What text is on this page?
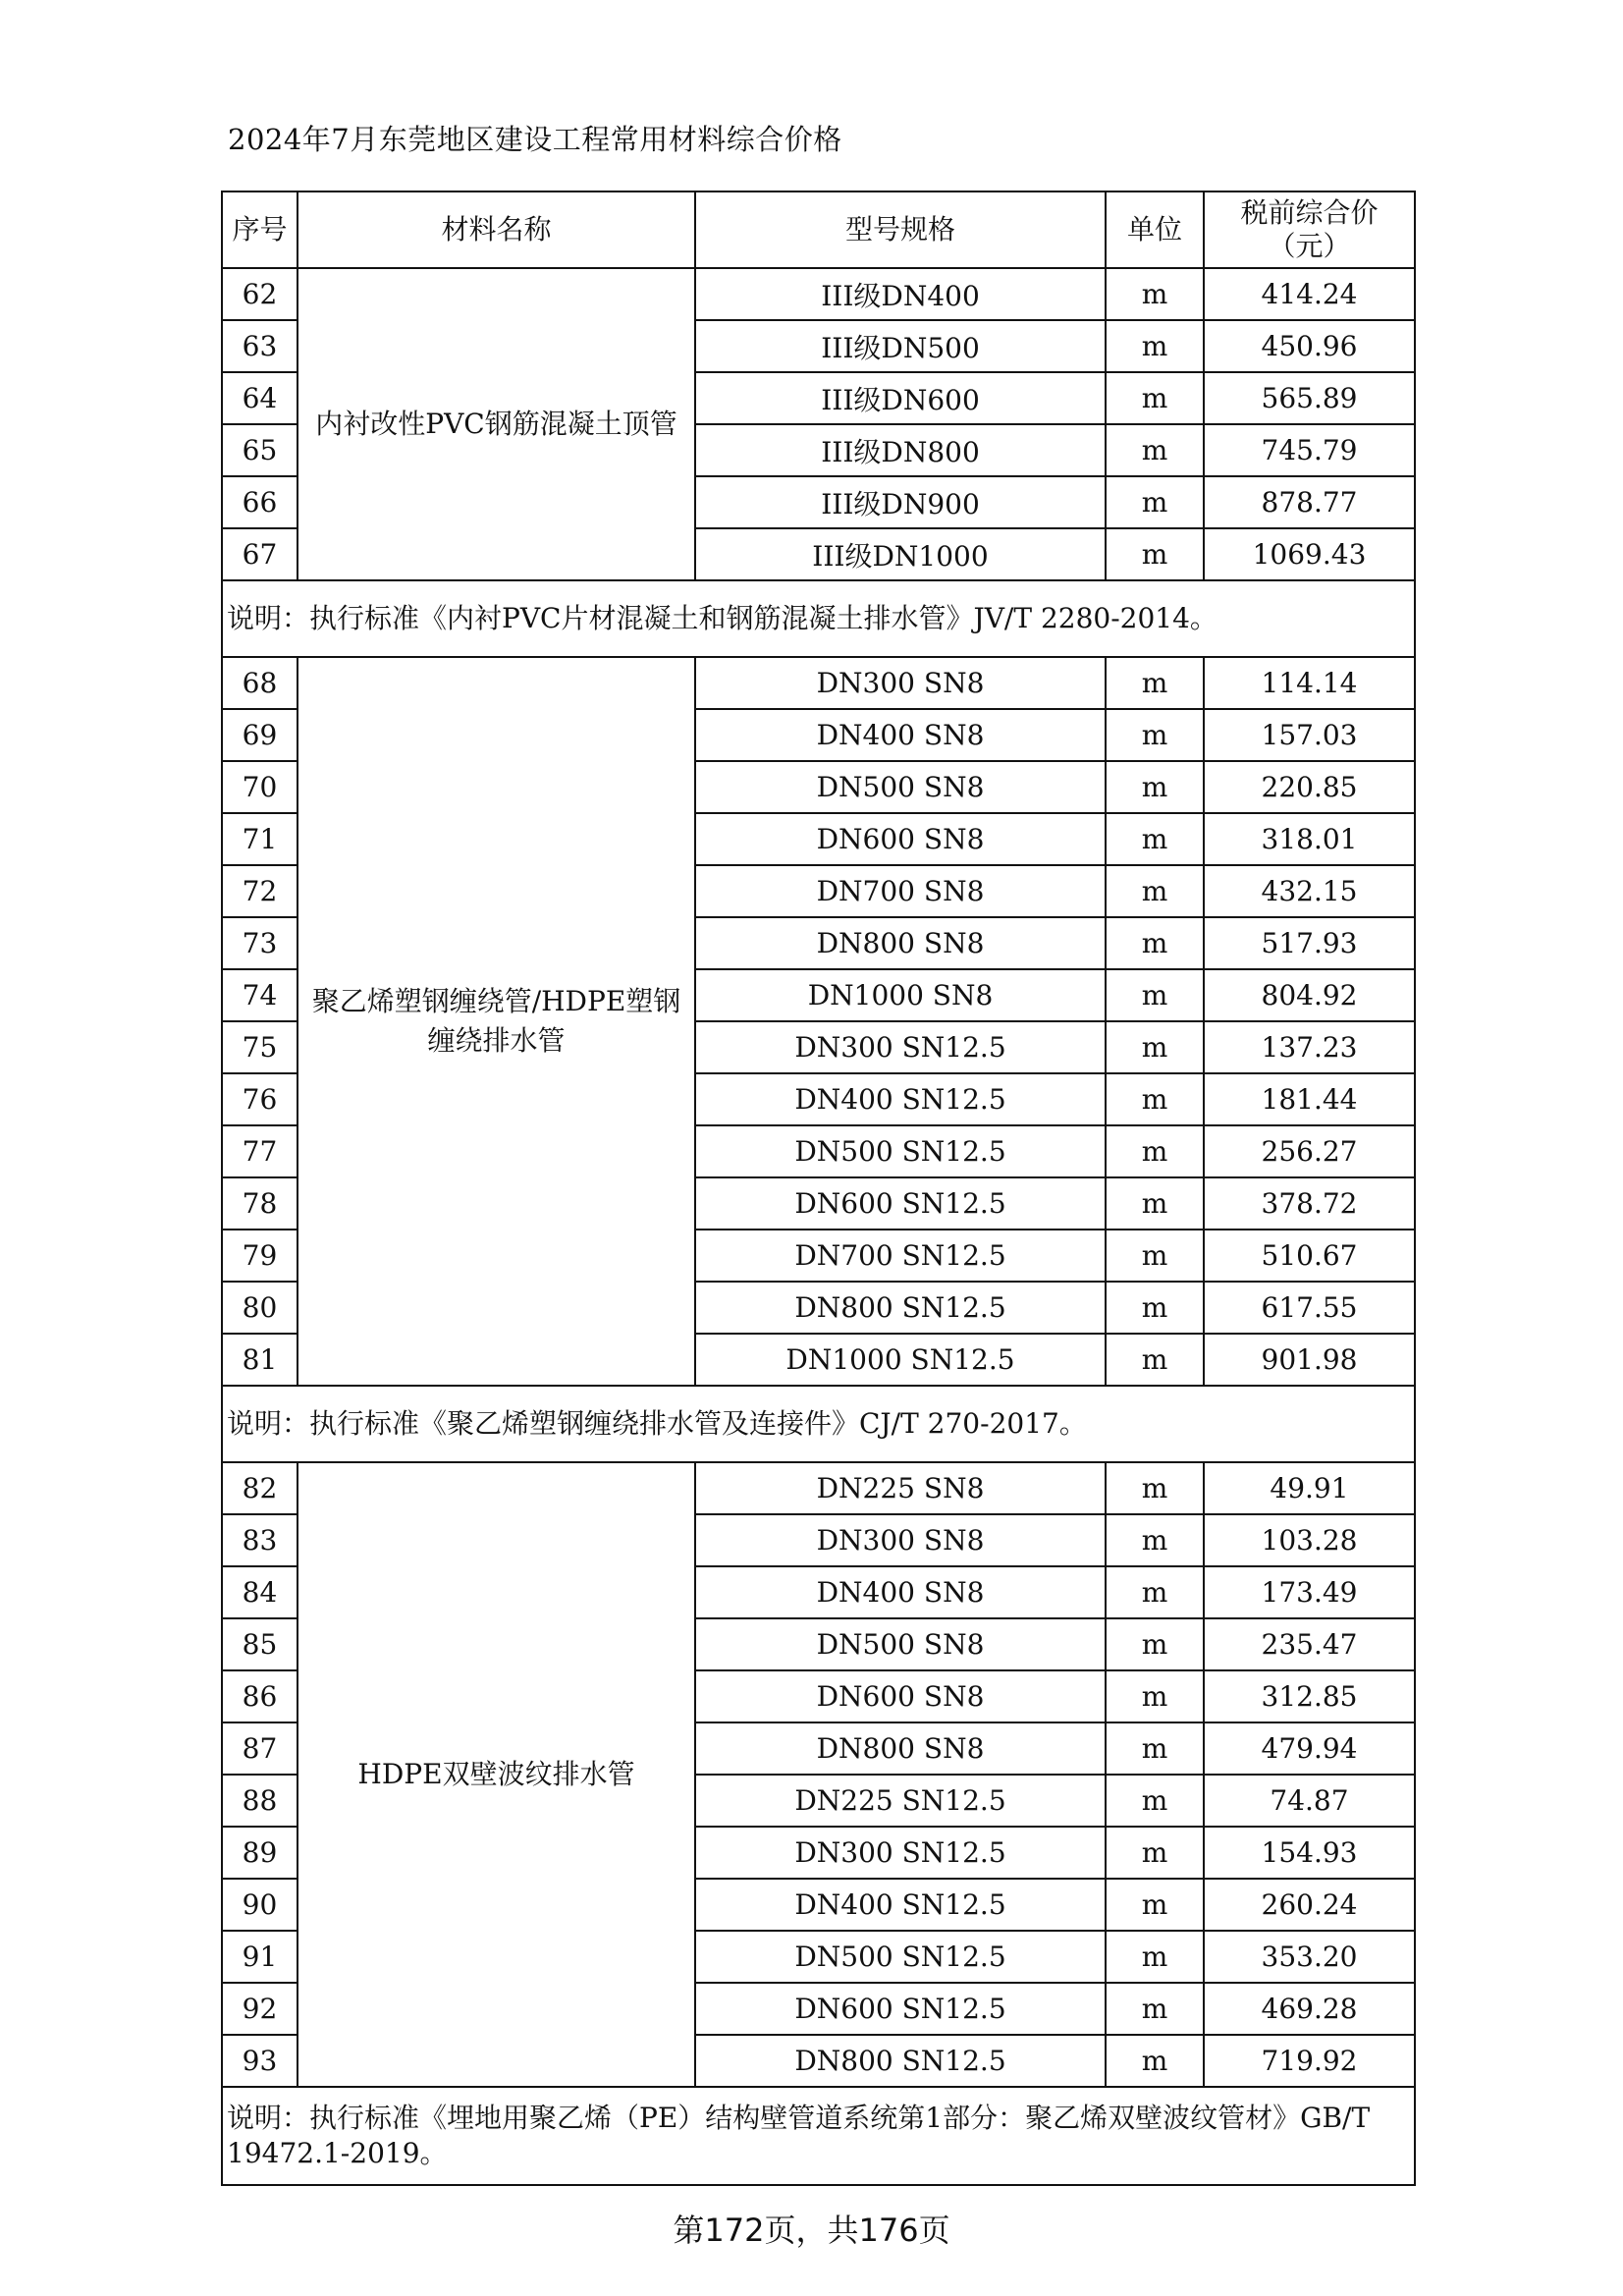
2024年7月东莞地区建设工程常用材料综合价格
序号	材料名称	型号规格	单位	税前综合价
（元）

62	内衬改性PVC钢筋混凝土顶管	III级DN400	m	414.24
63		III级DN500	m	450.96
64		III级DN600	m	565.89
65		III级DN800	m	745.79
66		III级DN900	m	878.77
67		III级DN1000	m	1069.43
说明：执行标准《内衬PVC片材混凝土和钢筋混凝土排水管》JV/T 2280-2014。				
68	聚乙烯塑钢缠绕管/HDPE塑钢缠绕排水管	DN300 SN8	m	114.14
69		DN400 SN8	m	157.03
70		DN500 SN8	m	220.85
71		DN600 SN8	m	318.01
72		DN700 SN8	m	432.15
73		DN800 SN8	m	517.93
74		DN1000 SN8	m	804.92
75		DN300 SN12.5	m	137.23
76		DN400 SN12.5	m	181.44
77		DN500 SN12.5	m	256.27
78		DN600 SN12.5	m	378.72
79		DN700 SN12.5	m	510.67
80		DN800 SN12.5	m	617.55
81		DN1000 SN12.5	m	901.98
说明：执行标准《聚乙烯塑钢缠绕排水管及连接件》CJ/T 270-2017。				
82	HDPE双壁波纹排水管	DN225 SN8	m	49.91
83		DN300 SN8	m	103.28
84		DN400 SN8	m	173.49
85		DN500 SN8	m	235.47
86		DN600 SN8	m	312.85
87		DN800 SN8	m	479.94
88		DN225 SN12.5	m	74.87
89		DN300 SN12.5	m	154.93
90		DN400 SN12.5	m	260.24
91		DN500 SN12.5	m	353.20
92		DN600 SN12.5	m	469.28
93		DN800 SN12.5	m	719.92
说明：执行标准《埋地用聚乙烯（PE）结构壁管道系统第1部分：聚乙烯双壁波纹管材》GB/T 19472.1-2019。				
第172页，共176页
